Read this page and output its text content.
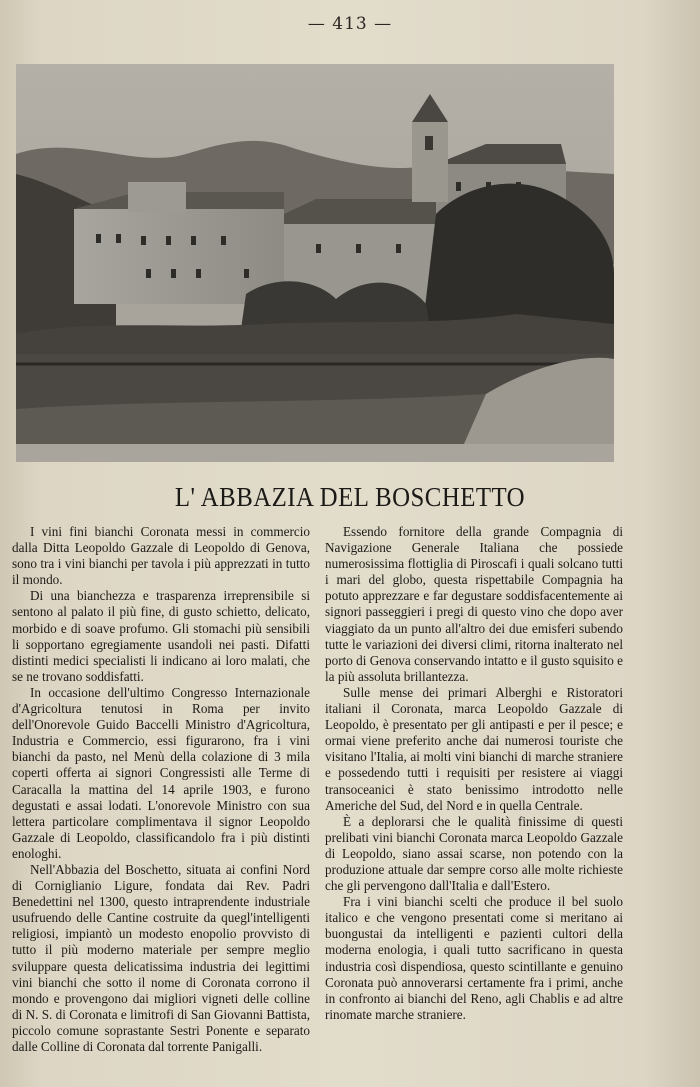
— 413 —
L' ABBAZIA DEL BOSCHETTO

I vini fini bianchi Coronata messi in commercio dalla Ditta Leopoldo Gazzale di Leopoldo di Genova, sono tra i vini bianchi per tavola i più apprezzati in tutto il mondo.

Di una bianchezza e trasparenza irreprensibile si sentono al palato il più fine, di gusto schietto, delicato, morbido e di soave profumo. Gli stomachi più sensibili li sopportano egregiamente usandoli nei pasti. Difatti distinti medici specialisti li indicano ai loro malati, che se ne trovano soddisfatti.

In occasione dell'ultimo Congresso Internazionale d'Agricoltura tenutosi in Roma per invito dell'Onorevole Guido Baccelli Ministro d'Agricoltura, Industria e Commercio, essi figurarono, fra i vini bianchi da pasto, nel Menù della colazione di 3 mila coperti offerta ai signori Congressisti alle Terme di Caracalla la mattina del 14 aprile 1903, e furono degustati e assai lodati. L'onorevole Ministro con sua lettera particolare complimentava il signor Leopoldo Gazzale di Leopoldo, classificandolo fra i più distinti enologhi.

Nell'Abbazia del Boschetto, situata ai confini Nord di Corniglianio Ligure, fondata dai Rev. Padri Benedettini nel 1300, questo intraprendente industriale usufruendo delle Cantine costruite da quegl'intelligenti religiosi, impiantò un modesto enopolio provvisto di tutto il più moderno materiale per sempre meglio sviluppare questa delicatissima industria dei legittimi vini bianchi che sotto il nome di Coronata corrono il mondo e provengono dai migliori vigneti delle colline di N. S. di Coronata e limitrofi di San Giovanni Battista, piccolo comune soprastante Sestri Ponente e separato dalle Colline di Coronata dal torrente Panigalli.

Essendo fornitore della grande Compagnia di Navigazione Generale Italiana che possiede numerosissima flottiglia di Piroscafi i quali solcano tutti i mari del globo, questa rispettabile Compagnia ha potuto apprezzare e far degustare soddisfacentemente ai signori passeggieri i pregi di questo vino che dopo aver viaggiato da un punto all'altro dei due emisferi subendo tutte le variazioni dei diversi climi, ritorna inalterato nel porto di Genova conservando intatto e il gusto squisito e la più assoluta brillantezza.

Sulle mense dei primari Alberghi e Ristoratori italiani il Coronata, marca Leopoldo Gazzale di Leopoldo, è presentato per gli antipasti e per il pesce; e ormai viene preferito anche dai numerosi touriste che visitano l'Italia, ai molti vini bianchi di marche straniere e possedendo tutti i requisiti per resistere ai viaggi transoceanici è stato benissimo introdotto nelle Americhe del Sud, del Nord e in quella Centrale.

È a deplorarsi che le qualità finissime di questi prelibati vini bianchi Coronata marca Leopoldo Gazzale di Leopoldo, siano assai scarse, non potendo con la produzione attuale dar sempre corso alle molte richieste che gli pervengono dall'Italia e dall'Estero.

Fra i vini bianchi scelti che produce il bel suolo italico e che vengono presentati come si meritano ai buongustai da intelligenti e pazienti cultori della moderna enologia, i quali tutto sacrificano in questa industria così dispendiosa, questo scintillante e genuino Coronata può annoverarsi certamente fra i primi, anche in confronto ai bianchi del Reno, agli Chablis e ad altre rinomate marche straniere.
